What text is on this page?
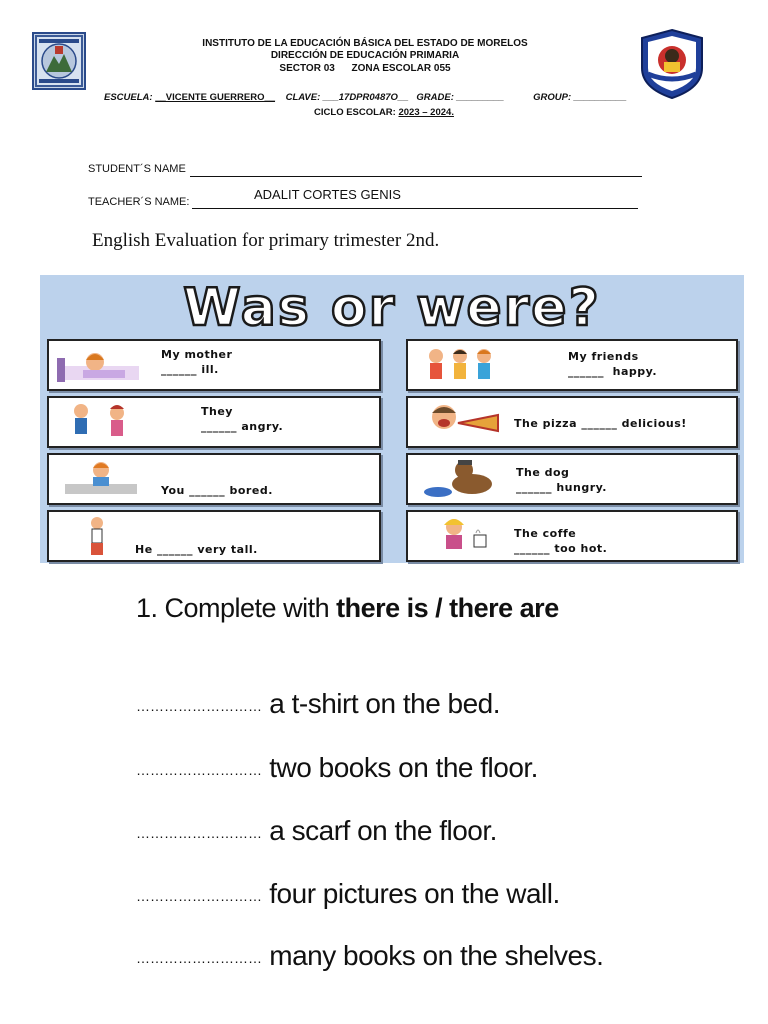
INSTITUTO DE LA EDUCACIÓN BÁSICA DEL ESTADO DE MORELOS
DIRECCIÓN DE EDUCACIÓN PRIMARIA
SECTOR 03      ZONA ESCOLAR 055
ESCUELA: __VICENTE GUERRERO__ CLAVE: ___17DPR0487O__ GRADE: _________	GROUP: __________
CICLO ESCOLAR: 2023 – 2024.
STUDENT´S NAME
TEACHER´S NAME:	ADALIT CORTES GENIS
English Evaluation for primary trimester 2nd.
Was or were?
My mother
______ ill.
They
______ angry.
You ______ bored.
He ______ very tall.
My friends
______  happy.
The pizza ______ delicious!
The dog
______ hungry.
The coffe
______ too hot.
1. Complete with there is / there are
……………………… a t-shirt on the bed.
……………………… two books on the floor.
……………………… a scarf on the floor.
……………………… four pictures on the wall.
……………………… many books on the shelves.
